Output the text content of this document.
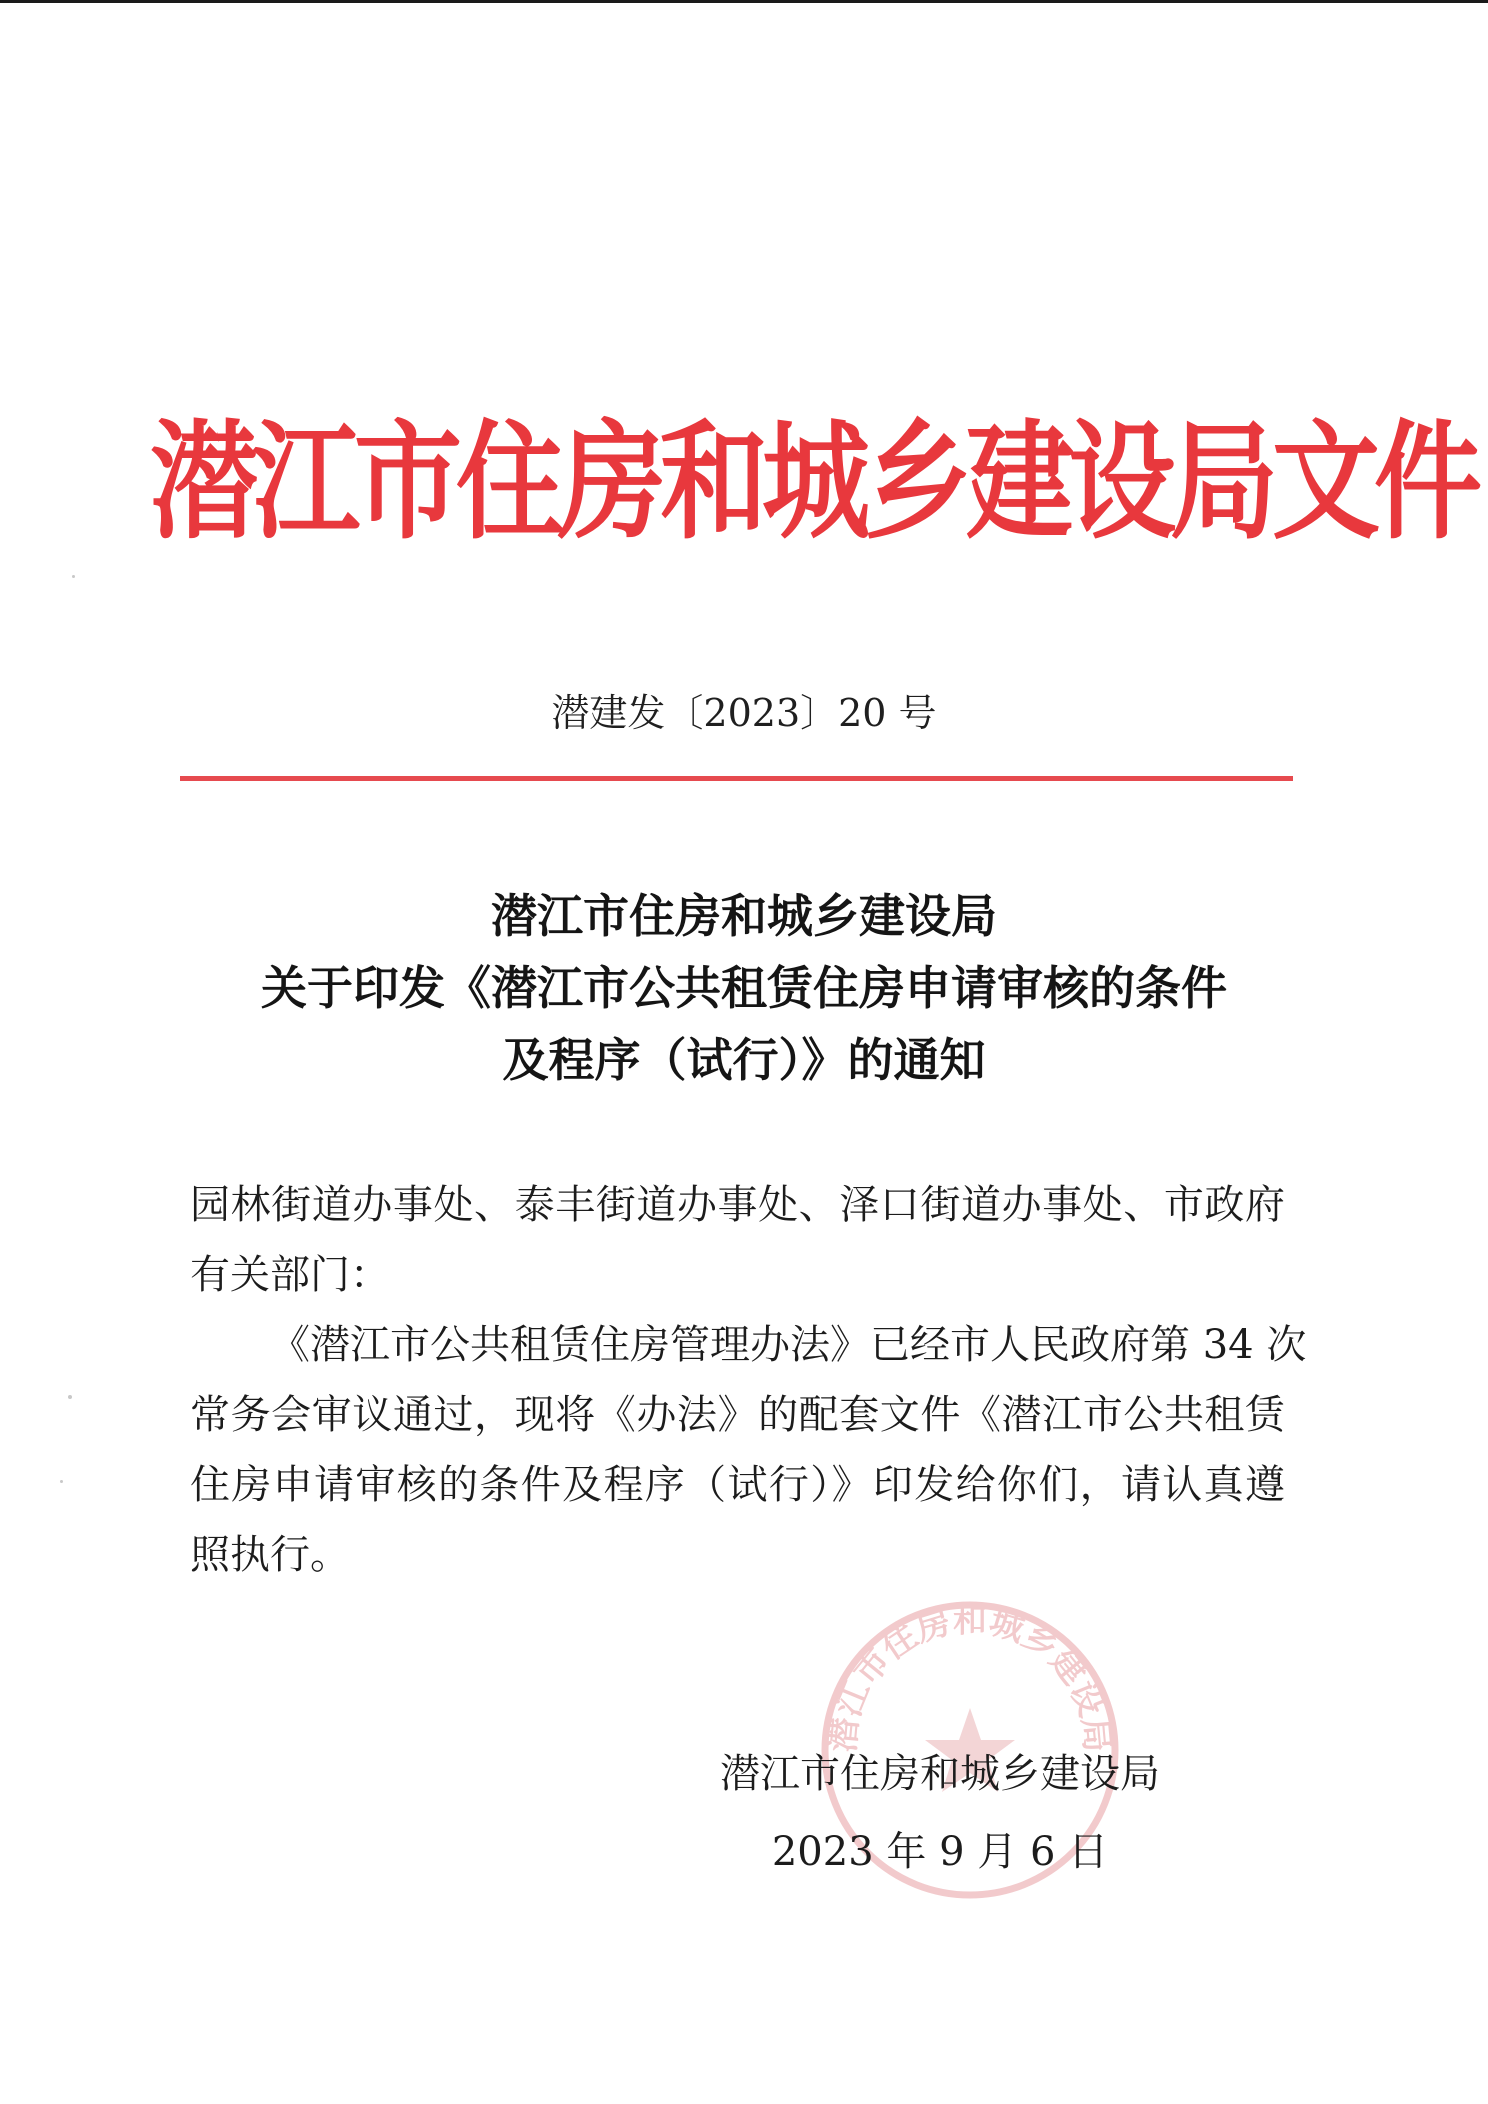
潜江市住房和城乡建设局文件
潜建发〔2023〕20 号
潜江市住房和城乡建设局
关于印发《潜江市公共租赁住房申请审核的条件
及程序（试行）》的通知
园林街道办事处、泰丰街道办事处、泽口街道办事处、市政府
有关部门：
《潜江市公共租赁住房管理办法》已经市人民政府第 34 次
常务会审议通过，现将《办法》的配套文件《潜江市公共租赁
住房申请审核的条件及程序（试行）》印发给你们，请认真遵
照执行。
潜江市住房和城乡建设局
潜江市住房和城乡建设局
2023 年 9 月 6 日
